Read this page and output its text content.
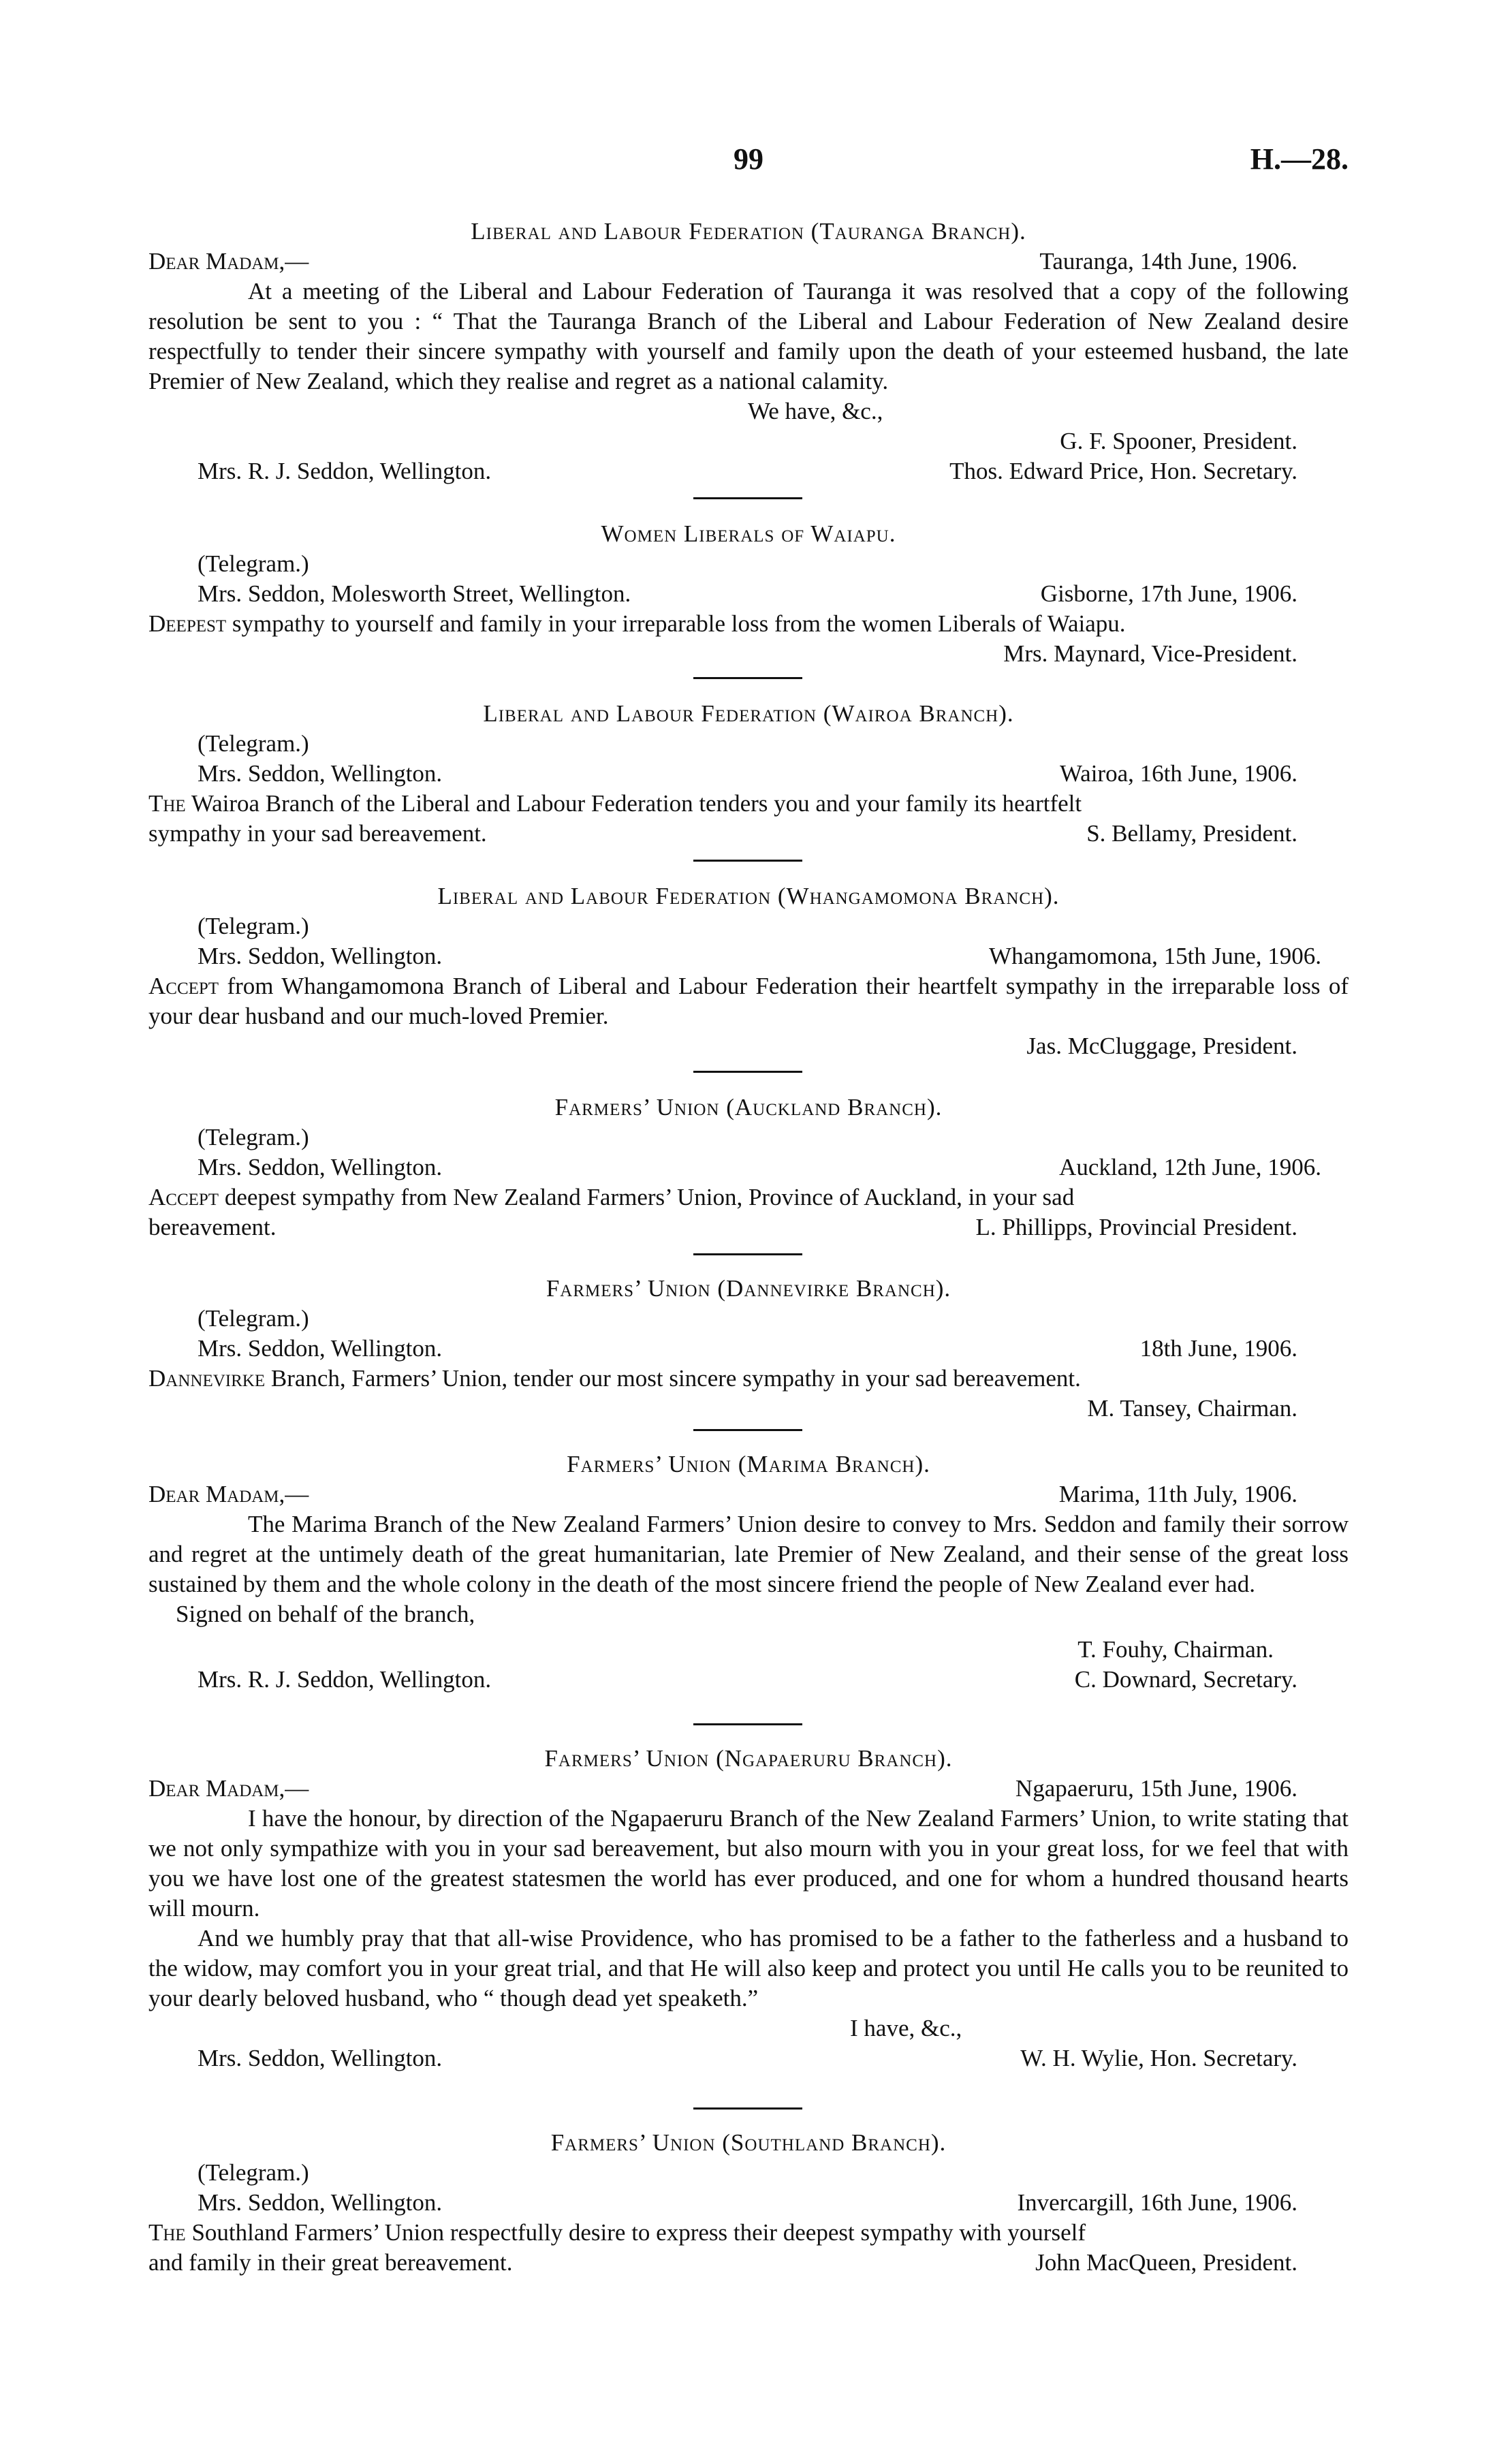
99	H.—28.
Liberal and Labour Federation (Tauranga Branch).
Dear Madam,—	Tauranga, 14th June, 1906.
At a meeting of the Liberal and Labour Federation of Tauranga it was resolved that a copy of the following resolution be sent to you : “ That the Tauranga Branch of the Liberal and Labour Federation of New Zealand desire respectfully to tender their sincere sympathy with yourself and family upon the death of your esteemed husband, the late Premier of New Zealand, which they realise and regret as a national calamity.
We have, &c.,
G. F. Spooner, President.
Mrs. R. J. Seddon, Wellington.	Thos. Edward Price, Hon. Secretary.
Women Liberals of Waiapu.
(Telegram.)
Mrs. Seddon, Molesworth Street, Wellington.	Gisborne, 17th June, 1906.
Deepest sympathy to yourself and family in your irreparable loss from the women Liberals of Waiapu.
Mrs. Maynard, Vice-President.
Liberal and Labour Federation (Wairoa Branch).
(Telegram.)
Mrs. Seddon, Wellington.	Wairoa, 16th June, 1906.
The Wairoa Branch of the Liberal and Labour Federation tenders you and your family its heartfelt
sympathy in your sad bereavement.	S. Bellamy, President.
Liberal and Labour Federation (Whangamomona Branch).
(Telegram.)
Mrs. Seddon, Wellington.	Whangamomona, 15th June, 1906.
Accept from Whangamomona Branch of Liberal and Labour Federation their heartfelt sympathy in the irreparable loss of your dear husband and our much-loved Premier.
Jas. McCluggage, President.
Farmers’ Union (Auckland Branch).
(Telegram.)
Mrs. Seddon, Wellington.	Auckland, 12th June, 1906.
Accept deepest sympathy from New Zealand Farmers’ Union, Province of Auckland, in your sad
bereavement.	L. Phillipps, Provincial President.
Farmers’ Union (Dannevirke Branch).
(Telegram.)
Mrs. Seddon, Wellington.	18th June, 1906.
Dannevirke Branch, Farmers’ Union, tender our most sincere sympathy in your sad bereavement.
M. Tansey, Chairman.
Farmers’ Union (Marima Branch).
Dear Madam,—	Marima, 11th July, 1906.
The Marima Branch of the New Zealand Farmers’ Union desire to convey to Mrs. Seddon and family their sorrow and regret at the untimely death of the great humanitarian, late Premier of New Zealand, and their sense of the great loss sustained by them and the whole colony in the death of the most sincere friend the people of New Zealand ever had.
Signed on behalf of the branch,
T. Fouhy, Chairman.
Mrs. R. J. Seddon, Wellington.	C. Downard, Secretary.
Farmers’ Union (Ngapaeruru Branch).
Dear Madam,—	Ngapaeruru, 15th June, 1906.
I have the honour, by direction of the Ngapaeruru Branch of the New Zealand Farmers’ Union, to write stating that we not only sympathize with you in your sad bereavement, but also mourn with you in your great loss, for we feel that with you we have lost one of the greatest statesmen the world has ever produced, and one for whom a hundred thousand hearts will mourn.
And we humbly pray that that all-wise Providence, who has promised to be a father to the fatherless and a husband to the widow, may comfort you in your great trial, and that He will also keep and protect you until He calls you to be reunited to your dearly beloved husband, who “ though dead yet speaketh.”
I have, &c.,
Mrs. Seddon, Wellington.	W. H. Wylie, Hon. Secretary.
Farmers’ Union (Southland Branch).
(Telegram.)
Mrs. Seddon, Wellington.	Invercargill, 16th June, 1906.
The Southland Farmers’ Union respectfully desire to express their deepest sympathy with yourself
and family in their great bereavement.	John MacQueen, President.
